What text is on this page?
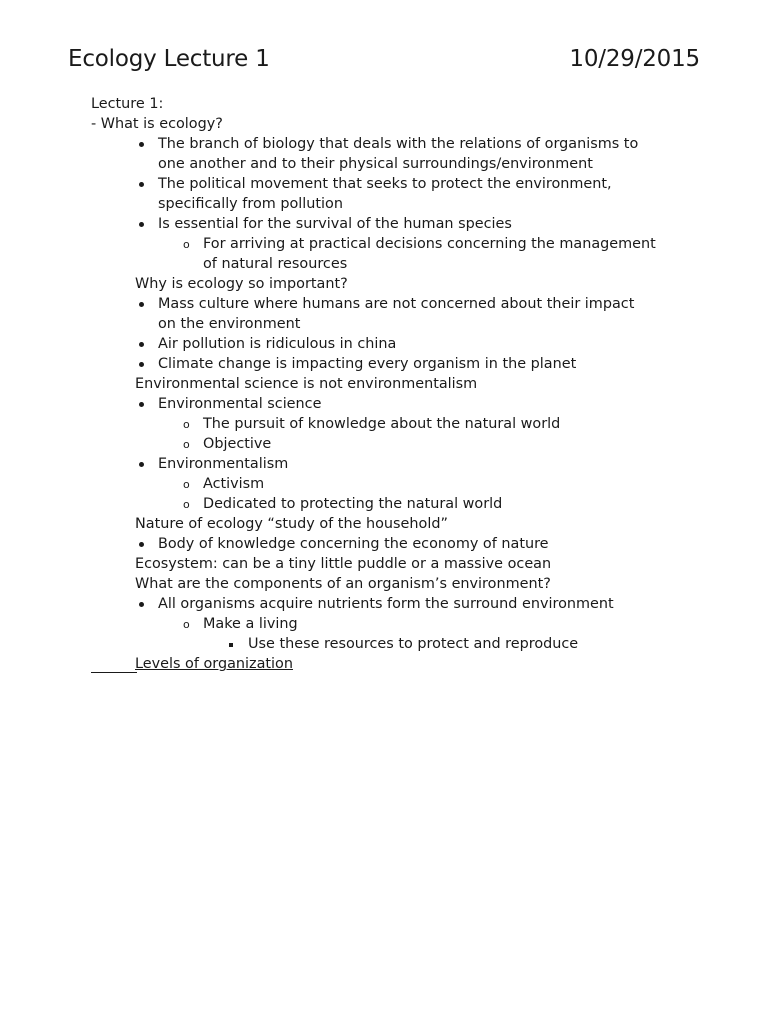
Ecology Lecture 1	10/29/2015
Lecture 1:
- What is ecology?
The branch of biology that deals with the relations of organisms to
one another and to their physical surroundings/environment
The political movement that seeks to protect the environment,
specifically from pollution
Is essential for the survival of the human species
o For arriving at practical decisions concerning the management
of natural resources
Why is ecology so important?
Mass culture where humans are not concerned about their impact
on the environment
Air pollution is ridiculous in china
Climate change is impacting every organism in the planet
Environmental science is not environmentalism
Environmental science
o The pursuit of knowledge about the natural world
o Objective
Environmentalism
o Activism
o Dedicated to protecting the natural world
Nature of ecology “study of the household”
Body of knowledge concerning the economy of nature
Ecosystem: can be a tiny little puddle or a massive ocean
What are the components of an organism’s environment?
All organisms acquire nutrients form the surround environment
o Make a living
Use these resources to protect and reproduce
Levels of organization
